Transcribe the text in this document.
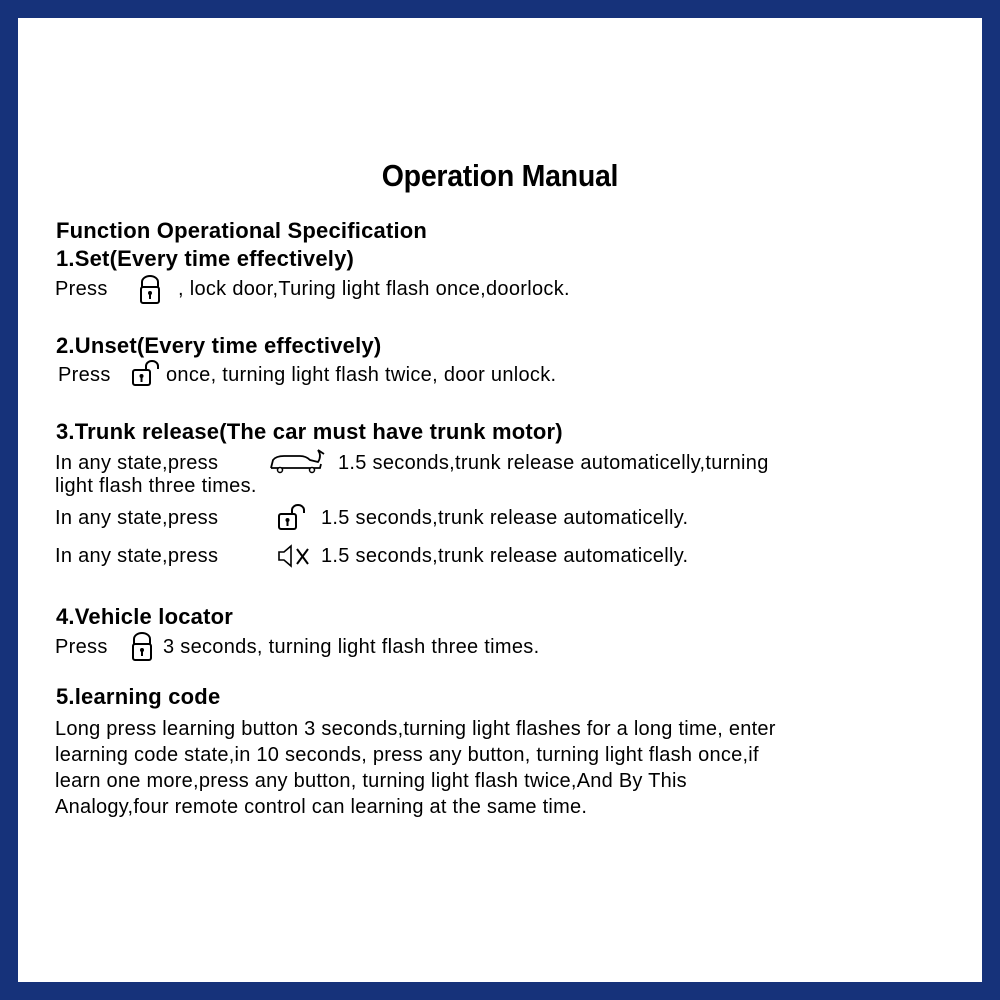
Operation Manual
Function Operational Specification
1.Set(Every time effectively)
Press	, lock door,Turing light flash once,doorlock.
2.Unset(Every time effectively)
Press	once, turning light flash twice, door unlock.
3.Trunk release(The car must have trunk motor)
In any state,press	1.5 seconds,trunk release automaticelly,turning
light flash three times.
In any state,press	1.5 seconds,trunk release automaticelly.
In any state,press	1.5 seconds,trunk release automaticelly.
4.Vehicle locator
Press	3 seconds, turning light flash three times.
5.learning code
Long press learning button 3 seconds,turning light flashes for a long time, enter
learning code state,in 10 seconds, press any button, turning light flash once,if
learn one more,press any button, turning light flash twice,And By This
Analogy,four remote control can learning at the same time.
